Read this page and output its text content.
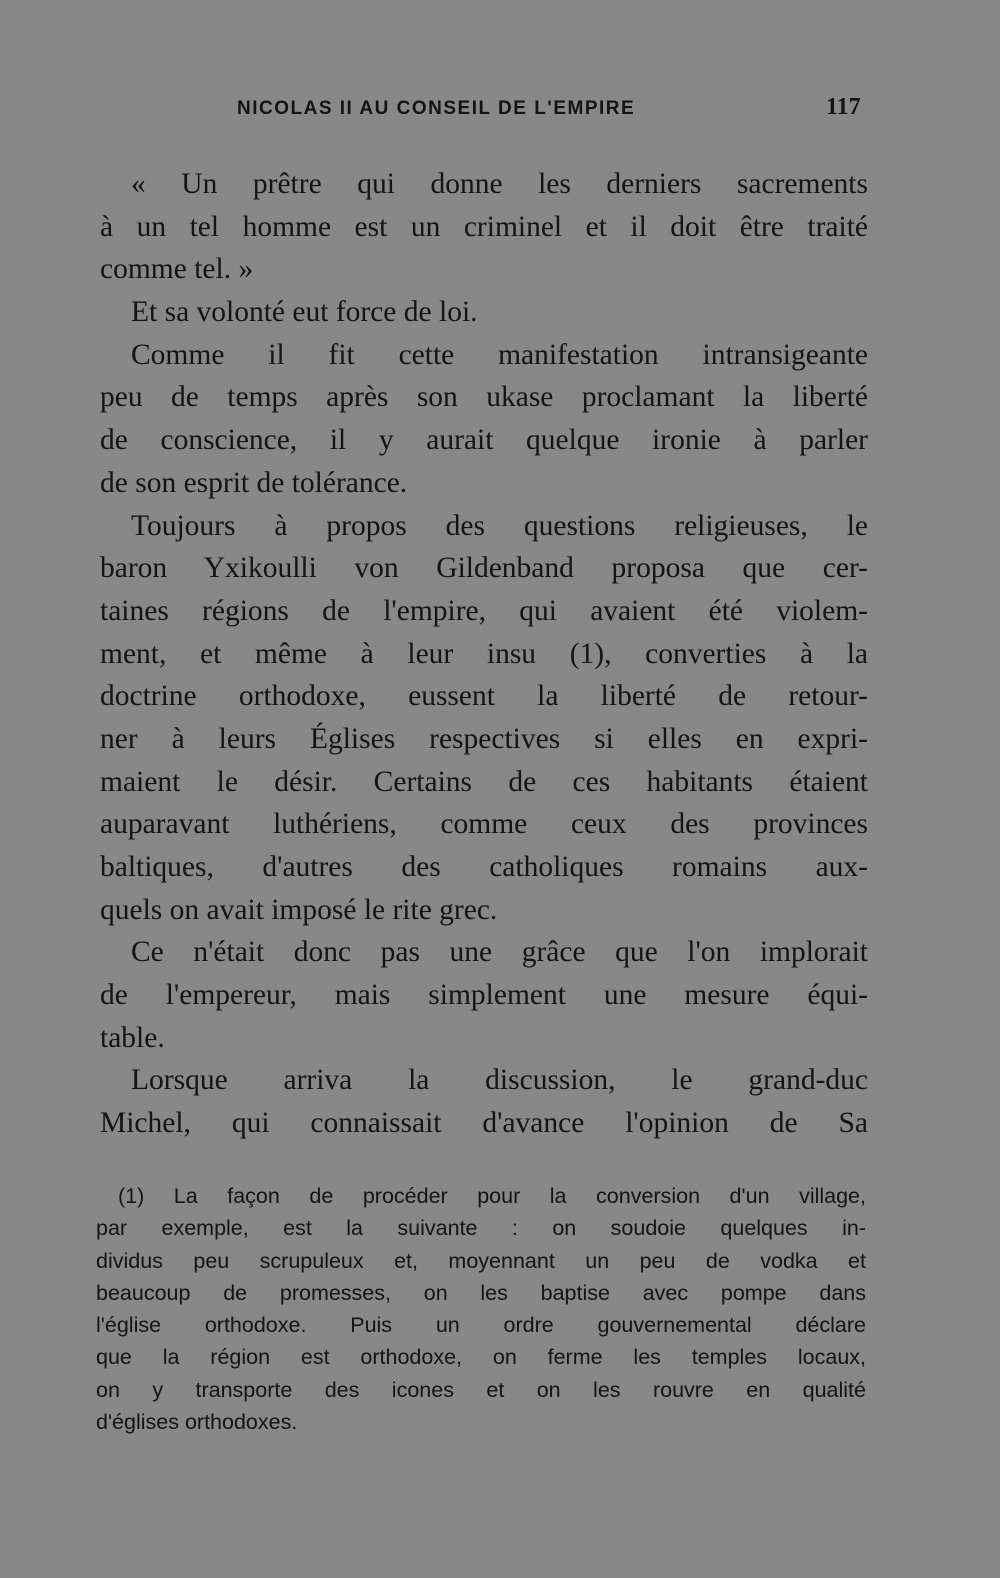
NICOLAS II AU CONSEIL DE L'EMPIRE	117
« Un prêtre qui donne les derniers sacrements
à un tel homme est un criminel et il doit être traité
comme tel. »
Et sa volonté eut force de loi.
Comme il fit cette manifestation intransigeante
peu de temps après son ukase proclamant la liberté
de conscience, il y aurait quelque ironie à parler
de son esprit de tolérance.
Toujours à propos des questions religieuses, le
baron Yxikoulli von Gildenband proposa que cer-
taines régions de l'empire, qui avaient été violem-
ment, et même à leur insu (1), converties à la
doctrine orthodoxe, eussent la liberté de retour-
ner à leurs Églises respectives si elles en expri-
maient le désir. Certains de ces habitants étaient
auparavant luthériens, comme ceux des provinces
baltiques, d'autres des catholiques romains aux-
quels on avait imposé le rite grec.
Ce n'était donc pas une grâce que l'on implorait
de l'empereur, mais simplement une mesure équi-
table.
Lorsque arriva la discussion, le grand-duc
Michel, qui connaissait d'avance l'opinion de Sa
(1) La façon de procéder pour la conversion d'un village,
par exemple, est la suivante : on soudoie quelques in-
dividus peu scrupuleux et, moyennant un peu de vodka et
beaucoup de promesses, on les baptise avec pompe dans
l'église orthodoxe. Puis un ordre gouvernemental déclare
que la région est orthodoxe, on ferme les temples locaux,
on y transporte des icones et on les rouvre en qualité
d'églises orthodoxes.
